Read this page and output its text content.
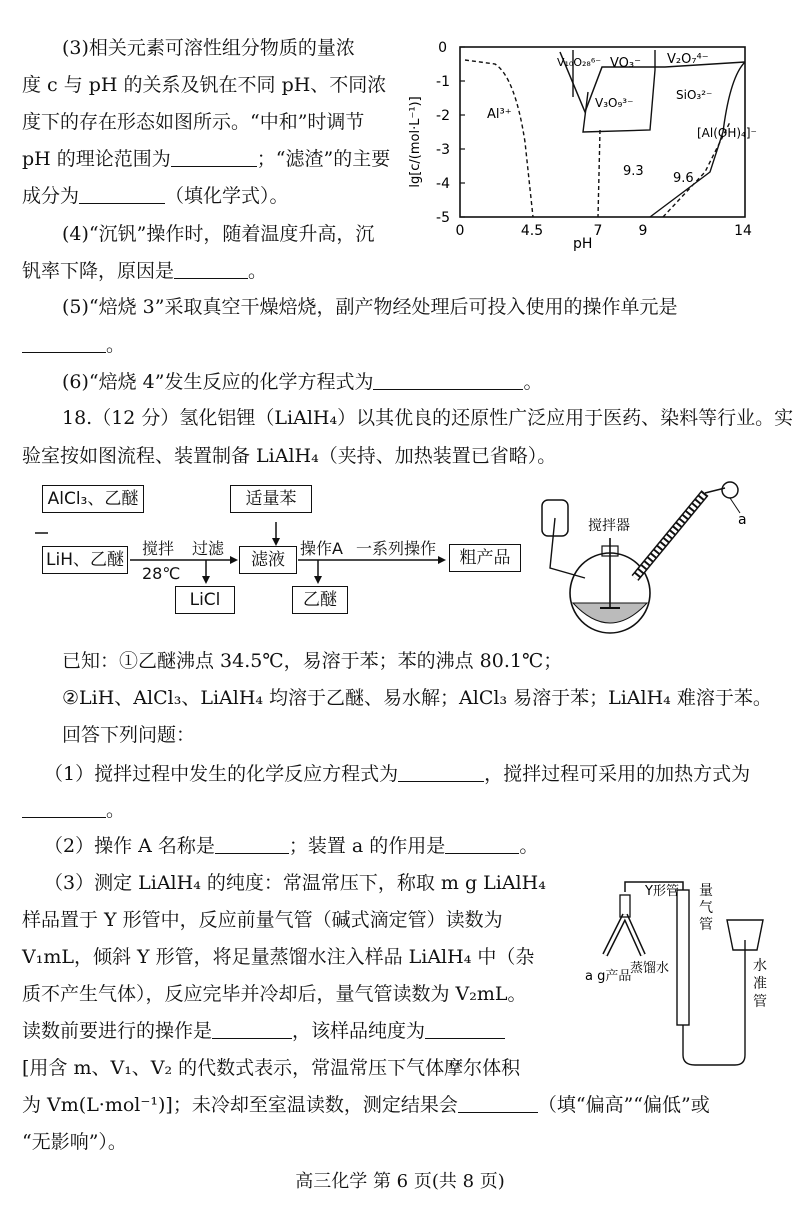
(3)相关元素可溶性组分物质的量浓
度 c 与 pH 的关系及钒在不同 pH、不同浓
度下的存在形态如图所示。“中和”时调节
pH 的理论范围为	；“滤渣”的主要
成分为	（填化学式）。
(4)“沉钒”操作时，随着温度升高，沉
钒率下降，原因是	。
(5)“焙烧 3”采取真空干燥焙烧，副产物经处理后可投入使用的操作单元是
。
(6)“焙烧 4”发生反应的化学方程式为	。
0
-1
-2
-3
-4
-5
lg[c/(mol·L⁻¹)]
0	4.5	7	9	14
V₁₀O₂₈⁶⁻ VO₃⁻ V₂O₇⁴⁻
V₃O₉³⁻
Al³⁺
SiO₃²⁻
[Al(OH)₄]⁻
9.3 9.6
pH
18.（12 分）氢化铝锂（LiAlH₄）以其优良的还原性广泛应用于医药、染料等行业。实
验室按如图流程、装置制备 LiAlH₄（夹持、加热装置已省略）。
AlCl₃、乙醚
LiH、乙醚
适量苯
滤液	粗产品
LiCl	乙醚
搅拌
28℃
过滤	操作A 一系列操作
搅拌器	a
已知：①乙醚沸点 34.5℃，易溶于苯；苯的沸点 80.1℃；
②LiH、AlCl₃、LiAlH₄ 均溶于乙醚、易水解；AlCl₃ 易溶于苯；LiAlH₄ 难溶于苯。
回答下列问题：
（1）搅拌过程中发生的化学反应方程式为	，搅拌过程可采用的加热方式为
。
（2）操作 A 名称是	；装置 a 的作用是	。
（3）测定 LiAlH₄ 的纯度：常温常压下，称取 m g LiAlH₄
样品置于 Y 形管中，反应前量气管（碱式滴定管）读数为
V₁mL，倾斜 Y 形管，将足量蒸馏水注入样品 LiAlH₄ 中（杂
质不产生气体），反应完毕并冷却后，量气管读数为 V₂mL。
读数前要进行的操作是	，该样品纯度为
[用含 m、V₁、V₂ 的代数式表示，常温常压下气体摩尔体积
为 Vm(L·mol⁻¹)]；未冷却至室温读数，测定结果会	（填“偏高”“偏低”或
“无影响”）。
Y形管 量
气
管
a g产品
蒸馏水	水
准
管
高三化学 第 6 页(共 8 页)
